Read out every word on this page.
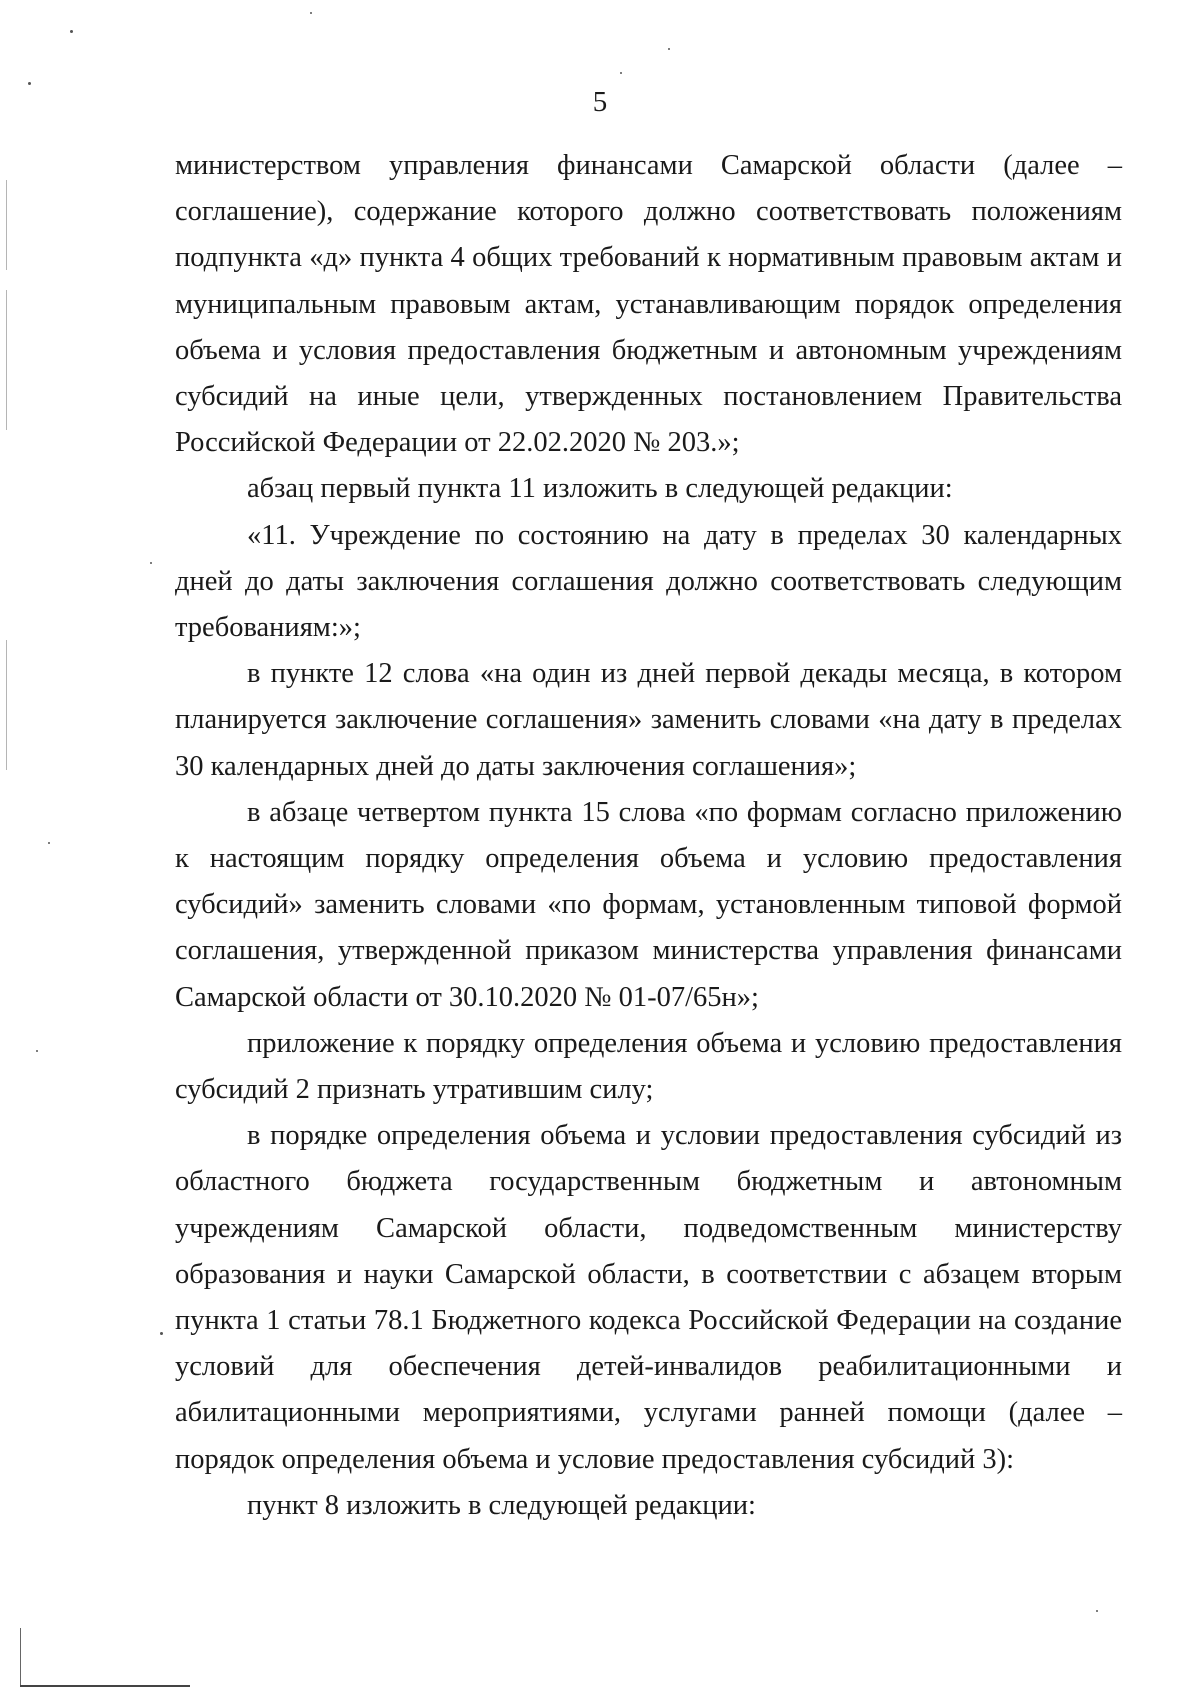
5

министерством управления финансами Самарской области (далее – соглашение), содержание которого должно соответствовать положениям подпункта «д» пункта 4 общих требований к нормативным правовым актам и муниципальным правовым актам, устанавливающим порядок определения объема и условия предоставления бюджетным и автономным учреждениям субсидий на иные цели, утвержденных постановлением Правительства Российской Федерации от 22.02.2020 № 203.»;

абзац первый пункта 11 изложить в следующей редакции:

«11. Учреждение по состоянию на дату в пределах 30 календарных дней до даты заключения соглашения должно соответствовать следующим требованиям:»;

в пункте 12 слова «на один из дней первой декады месяца, в котором планируется заключение соглашения» заменить словами «на дату в пределах 30 календарных дней до даты заключения соглашения»;

в абзаце четвертом пункта 15 слова «по формам согласно приложению к настоящим порядку определения объема и условию предоставления субсидий» заменить словами «по формам, установленным типовой формой соглашения, утвержденной приказом министерства управления финансами Самарской области от 30.10.2020 № 01-07/65н»;

приложение к порядку определения объема и условию предоставления субсидий 2 признать утратившим силу;

в порядке определения объема и условии предоставления субсидий из областного бюджета государственным бюджетным и автономным учреждениям Самарской области, подведомственным министерству образования и науки Самарской области, в соответствии с абзацем вторым пункта 1 статьи 78.1 Бюджетного кодекса Российской Федерации на создание условий для обеспечения детей-инвалидов реабилитационными и абилитационными мероприятиями, услугами ранней помощи (далее – порядок определения объема и условие предоставления субсидий 3):

пункт 8 изложить в следующей редакции:
